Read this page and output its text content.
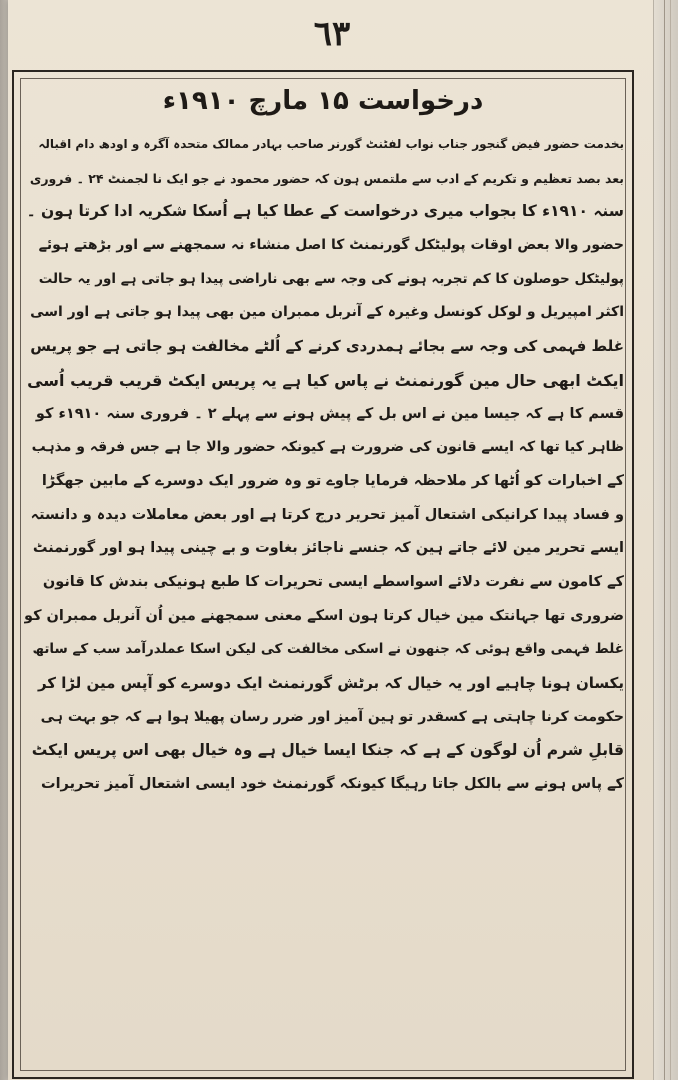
٦٣
درخواست ۱۵ مارچ ۱۹۱۰ء
بخدمت حضور فیض گنجور جناب نواب لفٹنٹ گورنر صاحب بہادر ممالک متحدہ آگرہ و اودھ دام اقبالہ
بعد بصد تعظیم و تکریم کے ادب سے ملتمس ہون کہ حضور محمود نے جو ایک نا لجمنٹ ۲۴ ۔ فروری
سنہ ۱۹۱۰ء کا بجواب میری درخواست کے عطا کیا ہے اُسکا شکریہ ادا کرتا ہون ۔
حضور والا بعض اوقات پولیٹکل گورنمنٹ کا اصل منشاء نہ سمجھنے سے اور بڑھتے ہوئے
پولیٹکل حوصلون کا کم تجربہ ہونے کی وجہ سے بھی ناراضی پیدا ہو جاتی ہے اور یہ حالت
اکثر امپیریل و لوکل کونسل وغیرہ کے آنربل ممبران مین بھی پیدا ہو جاتی ہے اور اسی
غلط فہمی کی وجہ سے بجائے ہمدردی کرنے کے اُلٹے مخالفت ہو جاتی ہے جو پریس
ایکٹ ابھی حال مین گورنمنٹ نے پاس کیا ہے یہ پریس ایکٹ قریب قریب اُسی
قسم کا ہے کہ جیسا مین نے اس بل کے پیش ہونے سے پہلے ۲ ۔ فروری سنہ ۱۹۱۰ء کو
ظاہر کیا تھا کہ ایسے قانون کی ضرورت ہے کیونکہ حضور والا جا ہے جس فرقہ و مذہب
کے اخبارات کو اُٹھا کر ملاحظہ فرمایا جاوے تو وہ ضرور ایک دوسرے کے مابین جھگڑا
و فساد پیدا کرانیکی اشتعال آمیز تحریر درج کرتا ہے اور بعض معاملات دیدہ و دانستہ
ایسے تحریر مین لائے جاتے ہین کہ جنسے ناجائز بغاوت و بے چینی پیدا ہو اور گورنمنٹ
کے کامون سے نفرت دلائے اسواسطے ایسی تحریرات کا طبع ہونیکی بندش کا قانون
ضروری تھا جہانتک مین خیال کرتا ہون اسکے معنی سمجھنے مین اُن آنربل ممبران کو
غلط فہمی واقع ہوئی کہ جنھون نے اسکی مخالفت کی لیکن اسکا عملدرآمد سب کے ساتھ
یکسان ہونا چاہیے اور یہ خیال کہ برٹش گورنمنٹ ایک دوسرے کو آپس مین لڑا کر
حکومت کرنا چاہتی ہے کسقدر تو ہین آمیز اور ضرر رسان پھیلا ہوا ہے کہ جو بہت ہی
قابلِ شرم اُن لوگون کے ہے کہ جنکا ایسا خیال ہے وہ خیال بھی اس پریس ایکٹ
کے پاس ہونے سے بالکل جاتا رہیگا کیونکہ گورنمنٹ خود ایسی اشتعال آمیز تحریرات
